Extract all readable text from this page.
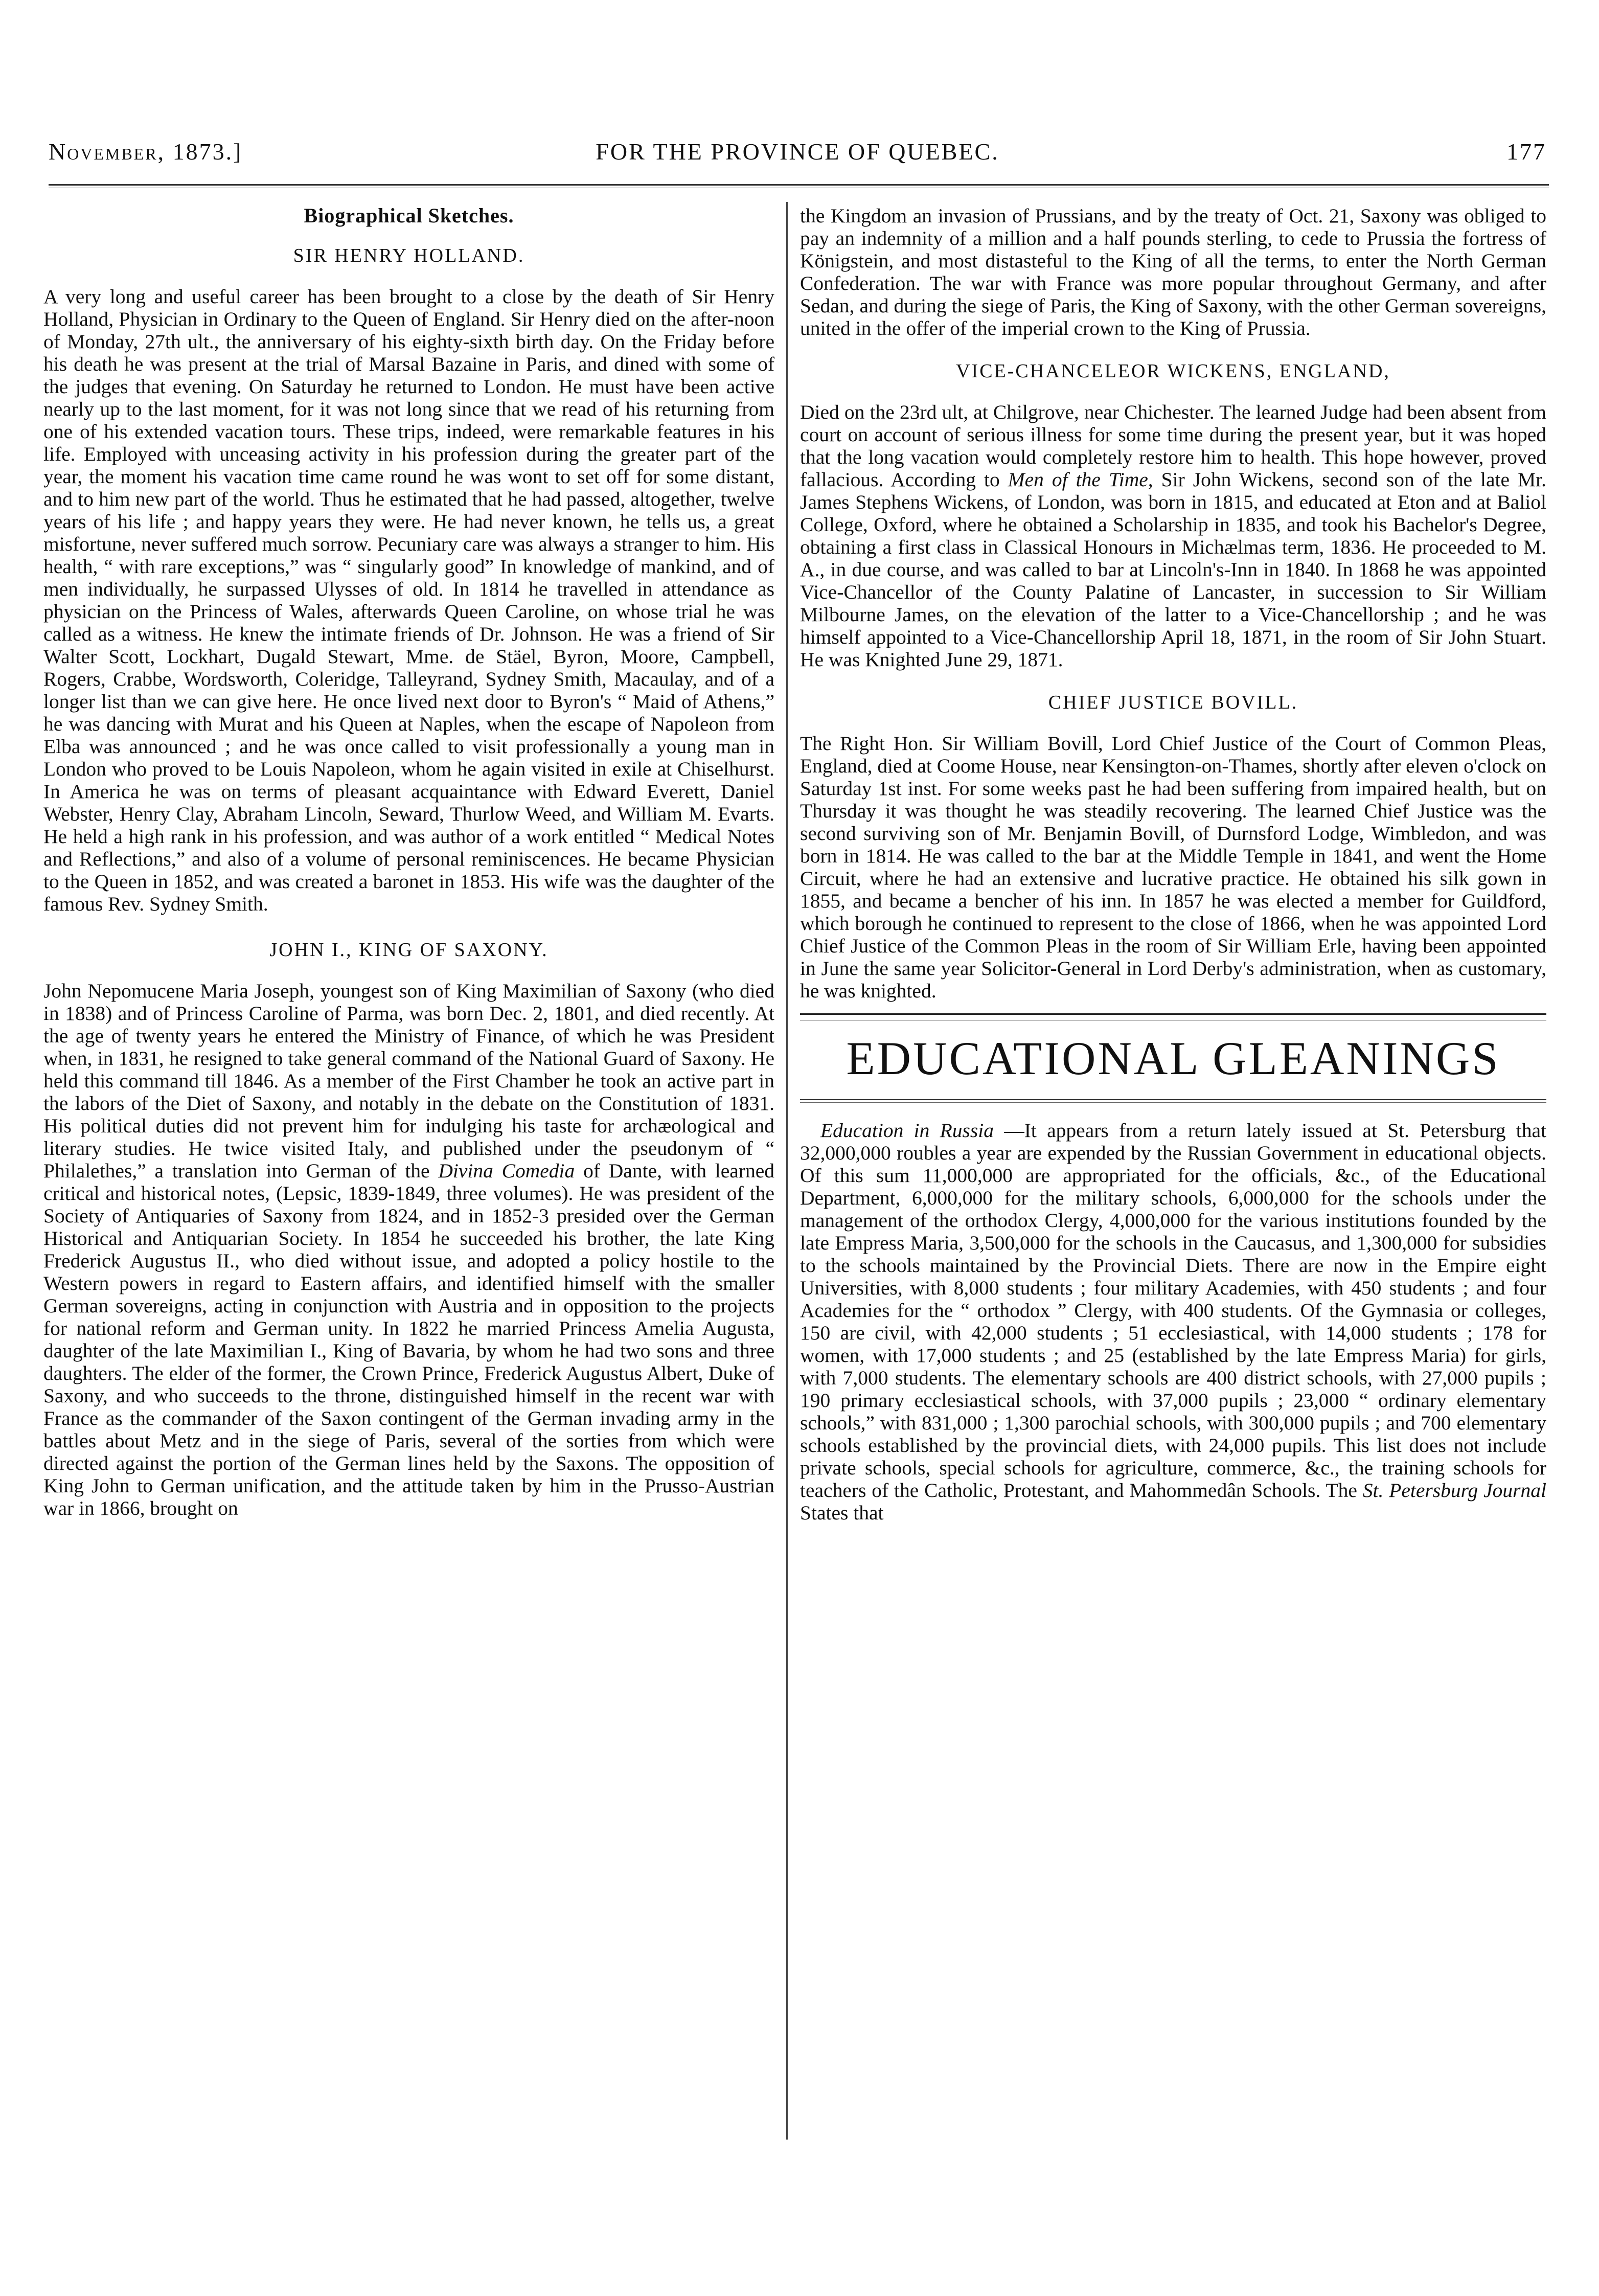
November, 1873.]	FOR THE PROVINCE OF QUEBEC.	177
Biographical Sketches.
SIR HENRY HOLLAND.

A very long and useful career has been brought to a close by the death of Sir Henry Holland, Physician in Ordinary to the Queen of England. Sir Henry died on the after-noon of Monday, 27th ult., the anniversary of his eighty-sixth birth day. On the Friday before his death he was present at the trial of Marsal Bazaine in Paris, and dined with some of the judges that evening. On Saturday he returned to London. He must have been active nearly up to the last moment, for it was not long since that we read of his returning from one of his extended vacation tours. These trips, indeed, were remarkable features in his life. Employed with unceasing activity in his profession during the greater part of the year, the moment his vacation time came round he was wont to set off for some distant, and to him new part of the world. Thus he estimated that he had passed, altogether, twelve years of his life ; and happy years they were. He had never known, he tells us, a great misfortune, never suffered much sorrow. Pecuniary care was always a stranger to him. His health, “ with rare exceptions,” was “ singularly good” In knowledge of mankind, and of men individually, he surpassed Ulysses of old. In 1814 he travelled in attendance as physician on the Princess of Wales, afterwards Queen Caroline, on whose trial he was called as a witness. He knew the intimate friends of Dr. Johnson. He was a friend of Sir Walter Scott, Lockhart, Dugald Stewart, Mme. de Stäel, Byron, Moore, Campbell, Rogers, Crabbe, Wordsworth, Coleridge, Talleyrand, Sydney Smith, Macaulay, and of a longer list than we can give here. He once lived next door to Byron's “ Maid of Athens,” he was dancing with Murat and his Queen at Naples, when the escape of Napoleon from Elba was announced ; and he was once called to visit professionally a young man in London who proved to be Louis Napoleon, whom he again visited in exile at Chiselhurst. In America he was on terms of pleasant acquaintance with Edward Everett, Daniel Webster, Henry Clay, Abraham Lincoln, Seward, Thurlow Weed, and William M. Evarts. He held a high rank in his profession, and was author of a work entitled “ Medical Notes and Reflections,” and also of a volume of personal reminiscences. He became Physician to the Queen in 1852, and was created a baronet in 1853. His wife was the daughter of the famous Rev. Sydney Smith.

JOHN I., KING OF SAXONY.

John Nepomucene Maria Joseph, youngest son of King Maximilian of Saxony (who died in 1838) and of Princess Caroline of Parma, was born Dec. 2, 1801, and died recently. At the age of twenty years he entered the Ministry of Finance, of which he was President when, in 1831, he resigned to take general command of the National Guard of Saxony. He held this command till 1846. As a member of the First Chamber he took an active part in the labors of the Diet of Saxony, and notably in the debate on the Constitution of 1831. His political duties did not prevent him for indulging his taste for archæological and literary studies. He twice visited Italy, and published under the pseudonym of “ Philalethes,” a translation into German of the Divina Comedia of Dante, with learned critical and historical notes, (Lepsic, 1839-1849, three volumes). He was president of the Society of Antiquaries of Saxony from 1824, and in 1852-3 presided over the German Historical and Antiquarian Society. In 1854 he succeeded his brother, the late King Frederick Augustus II., who died without issue, and adopted a policy hostile to the Western powers in regard to Eastern affairs, and identified himself with the smaller German sovereigns, acting in conjunction with Austria and in opposition to the projects for national reform and German unity. In 1822 he married Princess Amelia Augusta, daughter of the late Maximilian I., King of Bavaria, by whom he had two sons and three daughters. The elder of the former, the Crown Prince, Frederick Augustus Albert, Duke of Saxony, and who succeeds to the throne, distinguished himself in the recent war with France as the commander of the Saxon contingent of the German invading army in the battles about Metz and in the siege of Paris, several of the sorties from which were directed against the portion of the German lines held by the Saxons. The opposition of King John to German unification, and the attitude taken by him in the Prusso-Austrian war in 1866, brought on

the Kingdom an invasion of Prussians, and by the treaty of Oct. 21, Saxony was obliged to pay an indemnity of a million and a half pounds sterling, to cede to Prussia the fortress of Königstein, and most distasteful to the King of all the terms, to enter the North German Confederation. The war with France was more popular throughout Germany, and after Sedan, and during the siege of Paris, the King of Saxony, with the other German sovereigns, united in the offer of the imperial crown to the King of Prussia.

VICE-CHANCELEOR WICKENS, ENGLAND,

Died on the 23rd ult, at Chilgrove, near Chichester. The learned Judge had been absent from court on account of serious illness for some time during the present year, but it was hoped that the long vacation would completely restore him to health. This hope however, proved fallacious. According to Men of the Time, Sir John Wickens, second son of the late Mr. James Stephens Wickens, of London, was born in 1815, and educated at Eton and at Baliol College, Oxford, where he obtained a Scholarship in 1835, and took his Bachelor's Degree, obtaining a first class in Classical Honours in Michælmas term, 1836. He proceeded to M. A., in due course, and was called to bar at Lincoln's-Inn in 1840. In 1868 he was appointed Vice-Chancellor of the County Palatine of Lancaster, in succession to Sir William Milbourne James, on the elevation of the latter to a Vice-Chancellorship ; and he was himself appointed to a Vice-Chancellorship April 18, 1871, in the room of Sir John Stuart. He was Knighted June 29, 1871.

CHIEF JUSTICE BOVILL.

The Right Hon. Sir William Bovill, Lord Chief Justice of the Court of Common Pleas, England, died at Coome House, near Kensington-on-Thames, shortly after eleven o'clock on Saturday 1st inst. For some weeks past he had been suffering from impaired health, but on Thursday it was thought he was steadily recovering. The learned Chief Justice was the second surviving son of Mr. Benjamin Bovill, of Durnsford Lodge, Wimbledon, and was born in 1814. He was called to the bar at the Middle Temple in 1841, and went the Home Circuit, where he had an extensive and lucrative practice. He obtained his silk gown in 1855, and became a bencher of his inn. In 1857 he was elected a member for Guildford, which borough he continued to represent to the close of 1866, when he was appointed Lord Chief Justice of the Common Pleas in the room of Sir William Erle, having been appointed in June the same year Solicitor-General in Lord Derby's administration, when as customary, he was knighted.

EDUCATIONAL GLEANINGS

Education in Russia —It appears from a return lately issued at St. Petersburg that 32,000,000 roubles a year are expended by the Russian Government in educational objects. Of this sum 11,000,000 are appropriated for the officials, &c., of the Educational Department, 6,000,000 for the military schools, 6,000,000 for the schools under the management of the orthodox Clergy, 4,000,000 for the various institutions founded by the late Empress Maria, 3,500,000 for the schools in the Caucasus, and 1,300,000 for subsidies to the schools maintained by the Provincial Diets. There are now in the Empire eight Universities, with 8,000 students ; four military Academies, with 450 students ; and four Academies for the “ orthodox ” Clergy, with 400 students. Of the Gymnasia or colleges, 150 are civil, with 42,000 students ; 51 ecclesiastical, with 14,000 students ; 178 for women, with 17,000 students ; and 25 (established by the late Empress Maria) for girls, with 7,000 students. The elementary schools are 400 district schools, with 27,000 pupils ; 190 primary ecclesiastical schools, with 37,000 pupils ; 23,000 “ ordinary elementary schools,” with 831,000 ; 1,300 parochial schools, with 300,000 pupils ; and 700 elementary schools established by the provincial diets, with 24,000 pupils. This list does not include private schools, special schools for agriculture, commerce, &c., the training schools for teachers of the Catholic, Protestant, and Mahommedân Schools. The St. Petersburg Journal States that
